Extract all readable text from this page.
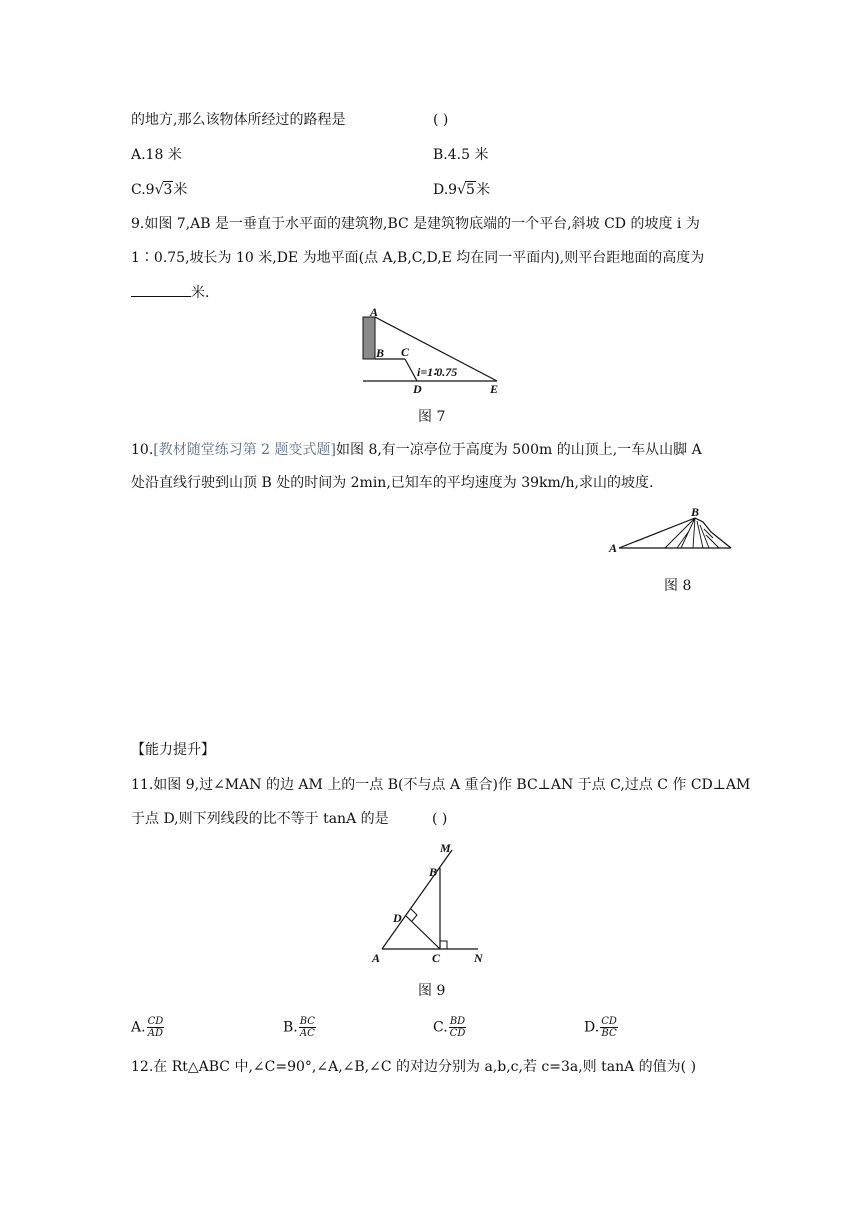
的地方,那么该物体所经过的路程是	( )
A.18 米	B.4.5 米
C.9√3米	D.9√5米
9.如图 7,AB 是一垂直于水平面的建筑物,BC 是建筑物底端的一个平台,斜坡 CD 的坡度 i 为
1∶0.75,坡长为 10 米,DE 为地平面(点 A,B,C,D,E 均在同一平面内),则平台距地面的高度为
米.
A
B C
D	E
i=1∶0.75
图 7
10.[教材随堂练习第 2 题变式题]如图 8,有一凉亭位于高度为 500m 的山顶上,一车从山脚 A
处沿直线行驶到山顶 B 处的时间为 2min,已知车的平均速度为 39km/h,求山的坡度.
A
B
图 8
【能力提升】
11.如图 9,过∠MAN 的边 AM 上的一点 B(不与点 A 重合)作 BC⊥AN 于点 C,过点 C 作 CD⊥AM
于点 D,则下列线段的比不等于 tanA 的是	( )
M
B
D
A	C	N
图 9
A. $\frac{CD}{AD}$	B. $\frac{BC}{AC}$	C. $\frac{BD}{CD}$	D. $\frac{CD}{BC}$
12.在 Rt△ABC 中,∠C=90°,∠A,∠B,∠C 的对边分别为 a,b,c,若 c=3a,则 tanA 的值为( )
